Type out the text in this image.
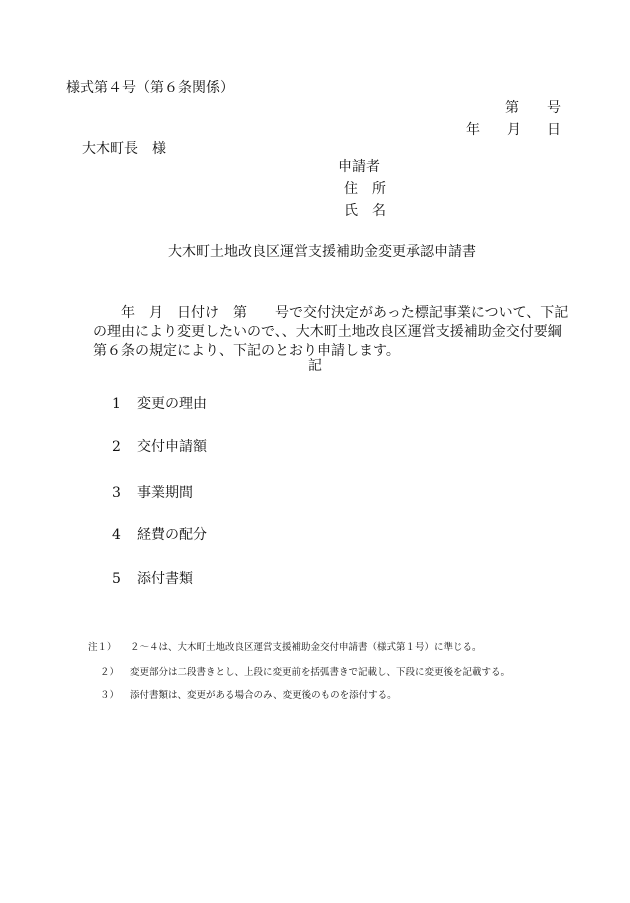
様式第４号（第６条関係）
第 号
年 月 日
大木町長　様
申請者
住　所
氏　名
大木町土地改良区運営支援補助金変更承認申請書
年　月　日付け　第　　号で交付決定があった標記事業について、下記
の理由により変更したいので、、大木町土地改良区運営支援補助金交付要綱
第６条の規定により、下記のとおり申請します。
記
1 変更の理由
2 交付申請額
3 事業期間
4 経費の配分
5 添付書類
注１） ２～４は、大木町土地改良区運営支援補助金交付申請書（様式第１号）に準じる。
２） 変更部分は二段書きとし、上段に変更前を括弧書きで記載し、下段に変更後を記載する。
３） 添付書類は、変更がある場合のみ、変更後のものを添付する。
